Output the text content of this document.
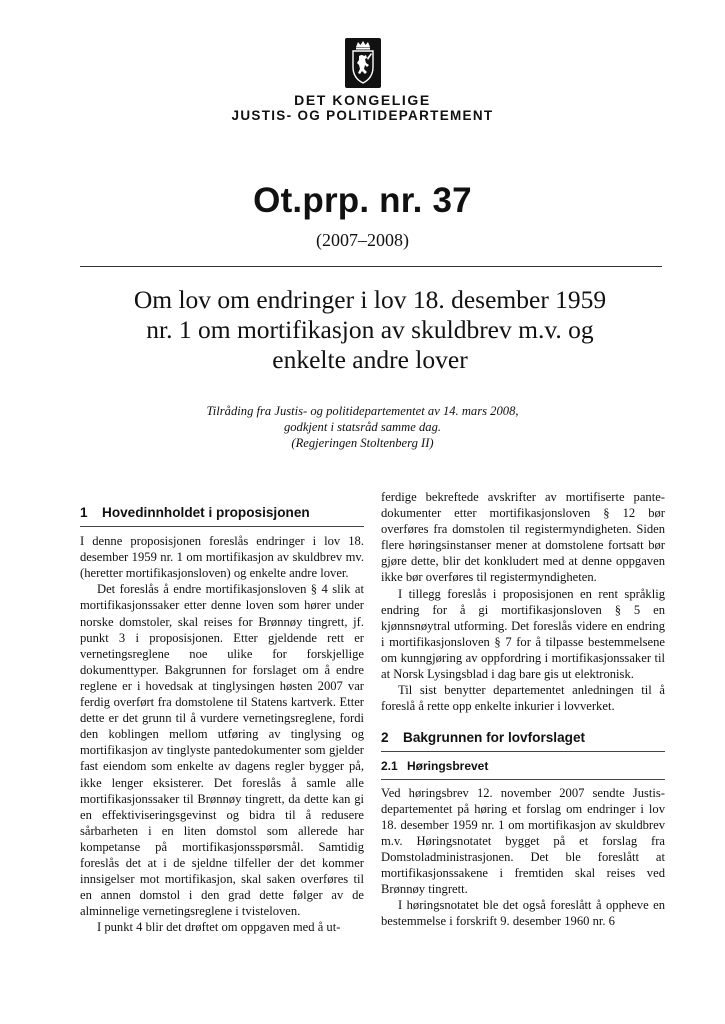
DET KONGELIGE
JUSTIS- OG POLITIDEPARTEMENT
Ot.prp. nr. 37
(2007–2008)
Om lov om endringer i lov 18. desember 1959
nr. 1 om mortifikasjon av skuldbrev m.v. og
enkelte andre lover
Tilråding fra Justis- og politidepartementet av 14. mars 2008,
godkjent i statsråd samme dag.
(Regjeringen Stoltenberg II)
1 Hovedinnholdet i proposisjonen

I denne proposisjonen foreslås endringer i lov 18. desember 1959 nr. 1 om mortifikasjon av skuldbrev mv. (heretter mortifikasjonsloven) og enkelte andre lover.

Det foreslås å endre mortifikasjonsloven § 4 slik at mortifikasjonssaker etter denne loven som hører under norske domstoler, skal reises for Brønnøy tingrett, jf. punkt 3 i proposisjonen. Etter gjeldende rett er vernetingsreglene noe ulike for forskjellige dokumenttyper. Bakgrunnen for forslaget om å endre reglene er i hovedsak at tinglysingen høsten 2007 var ferdig overført fra domstolene til Statens kartverk. Etter dette er det grunn til å vurdere vernetingsreglene, fordi den koblingen mellom utføring av tinglysing og mortifikasjon av tinglyste pantedokumenter som gjelder fast eiendom som enkelte av dagens regler bygger på, ikke lenger eksisterer. Det foreslås å samle alle mortifikasjonssaker til Brønnøy tingrett, da dette kan gi en effektiviseringsgevinst og bidra til å redusere sårbarheten i en liten domstol som allerede har kompetanse på mortifikasjonsspørsmål. Samtidig foreslås det at i de sjeldne tilfeller der det kommer innsigelser mot mortifikasjon, skal saken overføres til en annen domstol i den grad dette følger av de alminnelige vernetingsreglene i tvisteloven.

I punkt 4 blir det drøftet om oppgaven med å ut-

ferdige bekreftede avskrifter av mortifiserte pantedokumenter etter mortifikasjonsloven § 12 bør overføres fra domstolen til registermyndigheten. Siden flere høringsinstanser mener at domstolene fortsatt bør gjøre dette, blir det konkludert med at denne oppgaven ikke bør overføres til registermyndigheten.

I tillegg foreslås i proposisjonen en rent språklig endring for å gi mortifikasjonsloven § 5 en kjønnsnøytral utforming. Det foreslås videre en endring i mortifikasjonsloven § 7 for å tilpasse bestemmelsene om kunngjøring av oppfordring i mortifikasjonssaker til at Norsk Lysingsblad i dag bare gis ut elektronisk.

Til sist benytter departementet anledningen til å foreslå å rette opp enkelte inkurier i lovverket.

2 Bakgrunnen for lovforslaget
2.1 Høringsbrevet

Ved høringsbrev 12. november 2007 sendte Justisdepartementet på høring et forslag om endringer i lov 18. desember 1959 nr. 1 om mortifikasjon av skuldbrev m.v. Høringsnotatet bygget på et forslag fra Domstoladministrasjonen. Det ble foreslått at mortifikasjonssakene i fremtiden skal reises ved Brønnøy tingrett.

I høringsnotatet ble det også foreslått å oppheve en bestemmelse i forskrift 9. desember 1960 nr. 6
